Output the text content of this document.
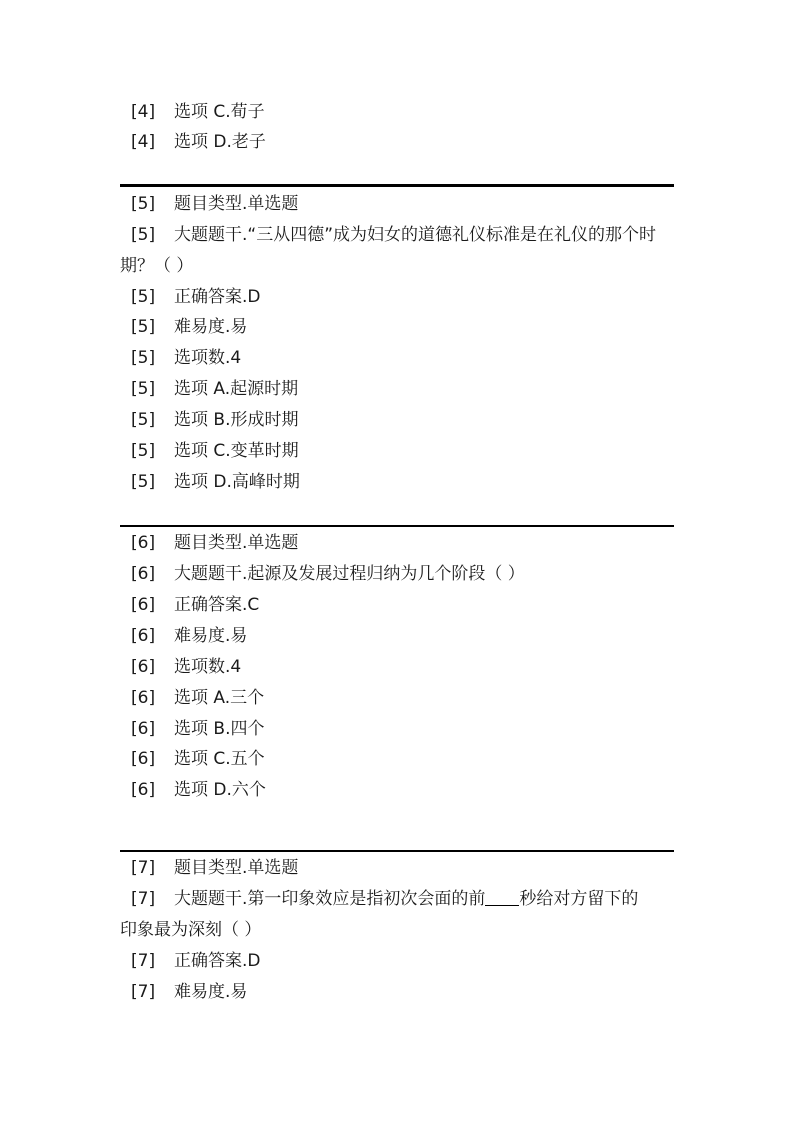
[4] 选项 C.荀子
[4] 选项 D.老子
[5] 题目类型.单选题
[5] 大题题干.“三从四德”成为妇女的道德礼仪标准是在礼仪的那个时期？（ ）
[5] 正确答案.D
[5] 难易度.易
[5] 选项数.4
[5] 选项 A.起源时期
[5] 选项 B.形成时期
[5] 选项 C.变革时期
[5] 选项 D.高峰时期
[6] 题目类型.单选题
[6] 大题题干.起源及发展过程归纳为几个阶段（ ）
[6] 正确答案.C
[6] 难易度.易
[6] 选项数.4
[6] 选项 A.三个
[6] 选项 B.四个
[6] 选项 C.五个
[6] 选项 D.六个
[7] 题目类型.单选题
[7] 大题题干.第一印象效应是指初次会面的前 秒给对方留下的
印象最为深刻（ ）
[7] 正确答案.D
[7] 难易度.易
